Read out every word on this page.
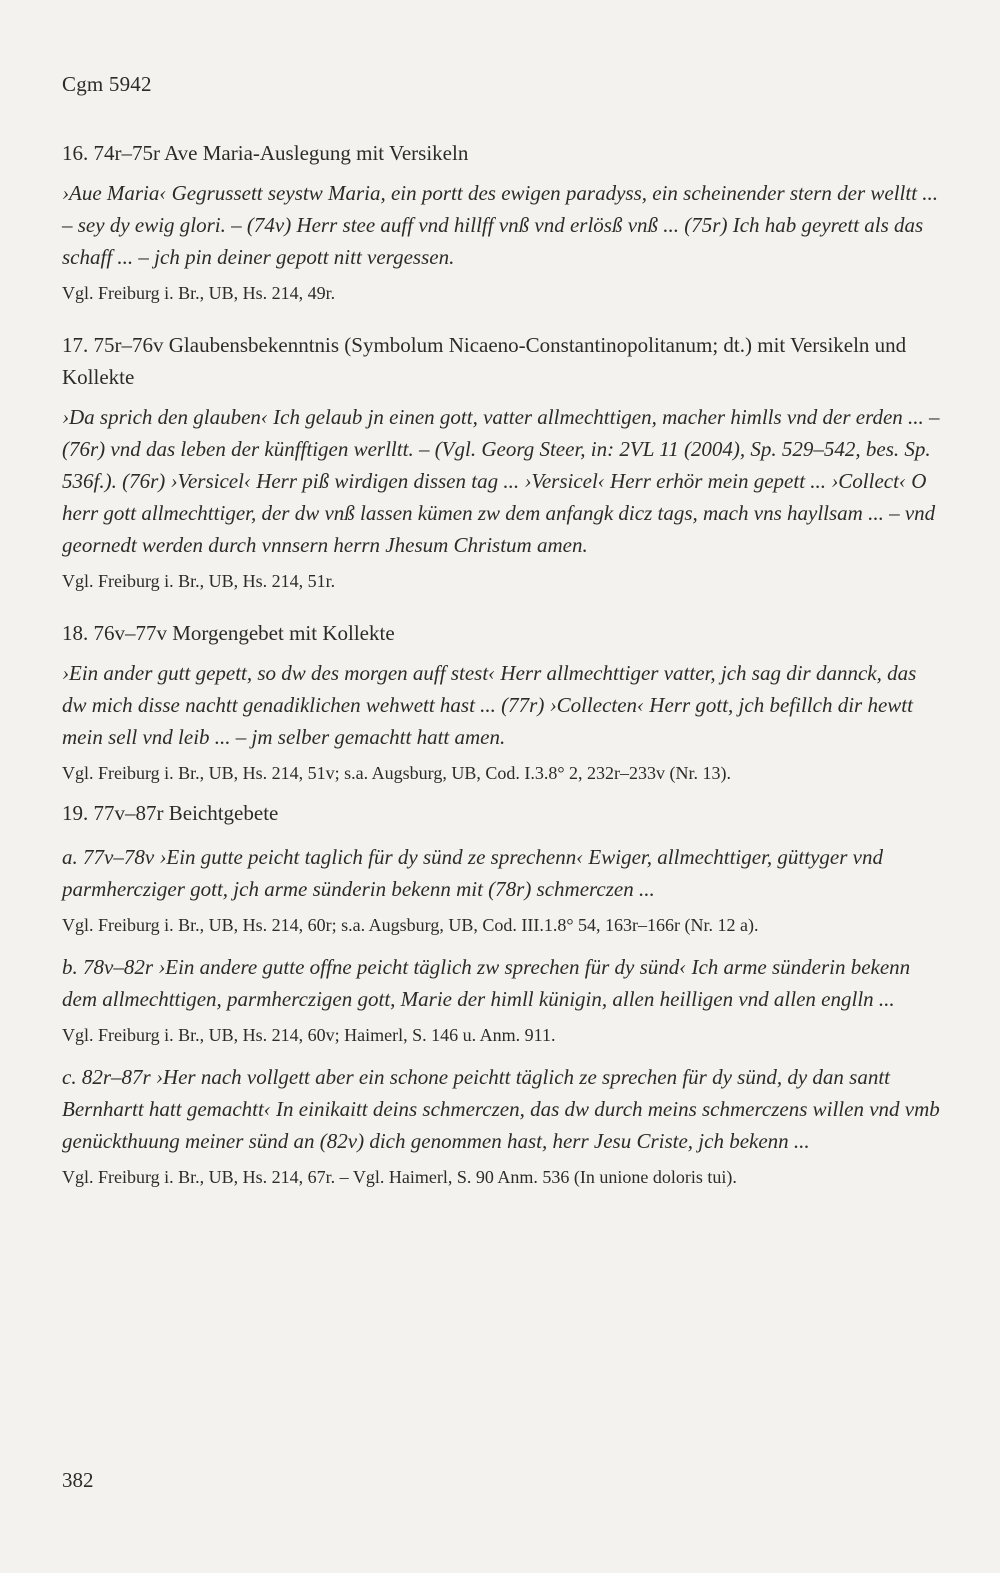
Cgm 5942

16. 74r–75r Ave Maria-Auslegung mit Versikeln

›Aue Maria‹ Gegrussett seystw Maria, ein portt des ewigen paradyss, ein scheinender stern der welltt ... – sey dy ewig glori. – (74v) Herr stee auff vnd hillff vnß vnd erlösß vnß ... (75r) Ich hab geyrett als das schaff ... – jch pin deiner gepott nitt vergessen.

Vgl. Freiburg i. Br., UB, Hs. 214, 49r.

17. 75r–76v Glaubensbekenntnis (Symbolum Nicaeno-Constantinopolitanum; dt.) mit Versikeln und Kollekte

›Da sprich den glauben‹ Ich gelaub jn einen gott, vatter allmechttigen, macher himlls vnd der erden ... – (76r) vnd das leben der künfftigen werlltt. – (Vgl. Georg Steer, in: 2VL 11 (2004), Sp. 529–542, bes. Sp. 536f.). (76r) ›Versicel‹ Herr piß wirdigen dissen tag ... ›Versicel‹ Herr erhör mein gepett ... ›Collect‹ O herr gott allmechttiger, der dw vnß lassen kümen zw dem anfangk dicz tags, mach vns hayllsam ... – vnd geornedt werden durch vnnsern herrn Jhesum Christum amen.

Vgl. Freiburg i. Br., UB, Hs. 214, 51r.

18. 76v–77v Morgengebet mit Kollekte

›Ein ander gutt gepett, so dw des morgen auff stest‹ Herr allmechttiger vatter, jch sag dir dannck, das dw mich disse nachtt genadiklichen wehwett hast ... (77r) ›Collecten‹ Herr gott, jch befillch dir hewtt mein sell vnd leib ... – jm selber gemachtt hatt amen.

Vgl. Freiburg i. Br., UB, Hs. 214, 51v; s.a. Augsburg, UB, Cod. I.3.8° 2, 232r–233v (Nr. 13).

19. 77v–87r Beichtgebete

a. 77v–78v ›Ein gutte peicht taglich für dy sünd ze sprechenn‹ Ewiger, allmechttiger, güttyger vnd parmhercziger gott, jch arme sünderin bekenn mit (78r) schmerczen ...

Vgl. Freiburg i. Br., UB, Hs. 214, 60r; s.a. Augsburg, UB, Cod. III.1.8° 54, 163r–166r (Nr. 12 a).

b. 78v–82r ›Ein andere gutte offne peicht täglich zw sprechen für dy sünd‹ Ich arme sünderin bekenn dem allmechttigen, parmherczigen gott, Marie der himll künigin, allen heilligen vnd allen englln ...

Vgl. Freiburg i. Br., UB, Hs. 214, 60v; Haimerl, S. 146 u. Anm. 911.

c. 82r–87r ›Her nach vollgett aber ein schone peichtt täglich ze sprechen für dy sünd, dy dan santt Bernhartt hatt gemachtt‹ In einikaitt deins schmerczen, das dw durch meins schmerczens willen vnd vmb genückthuung meiner sünd an (82v) dich genommen hast, herr Jesu Criste, jch bekenn ...

Vgl. Freiburg i. Br., UB, Hs. 214, 67r. – Vgl. Haimerl, S. 90 Anm. 536 (In unione doloris tui).

382
